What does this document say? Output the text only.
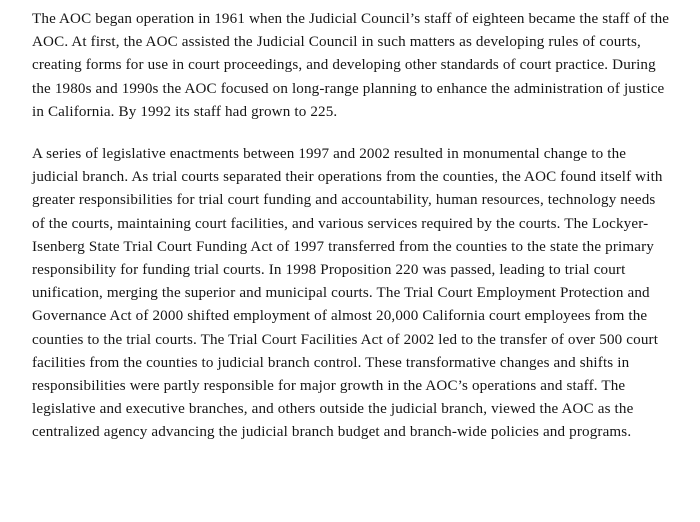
The AOC began operation in 1961 when the Judicial Council’s staff of eighteen became the staff of the AOC. At first, the AOC assisted the Judicial Council in such matters as developing rules of courts, creating forms for use in court proceedings, and developing other standards of court practice. During the 1980s and 1990s the AOC focused on long-range planning to enhance the administration of justice in California. By 1992 its staff had grown to 225.

A series of legislative enactments between 1997 and 2002 resulted in monumental change to the judicial branch. As trial courts separated their operations from the counties, the AOC found itself with greater responsibilities for trial court funding and accountability, human resources, technology needs of the courts, maintaining court facilities, and various services required by the courts. The Lockyer-Isenberg State Trial Court Funding Act of 1997 transferred from the counties to the state the primary responsibility for funding trial courts. In 1998 Proposition 220 was passed, leading to trial court unification, merging the superior and municipal courts. The Trial Court Employment Protection and Governance Act of 2000 shifted employment of almost 20,000 California court employees from the counties to the trial courts. The Trial Court Facilities Act of 2002 led to the transfer of over 500 court facilities from the counties to judicial branch control. These transformative changes and shifts in responsibilities were partly responsible for major growth in the AOC’s operations and staff. The legislative and executive branches, and others outside the judicial branch, viewed the AOC as the centralized agency advancing the judicial branch budget and branch-wide policies and programs.
